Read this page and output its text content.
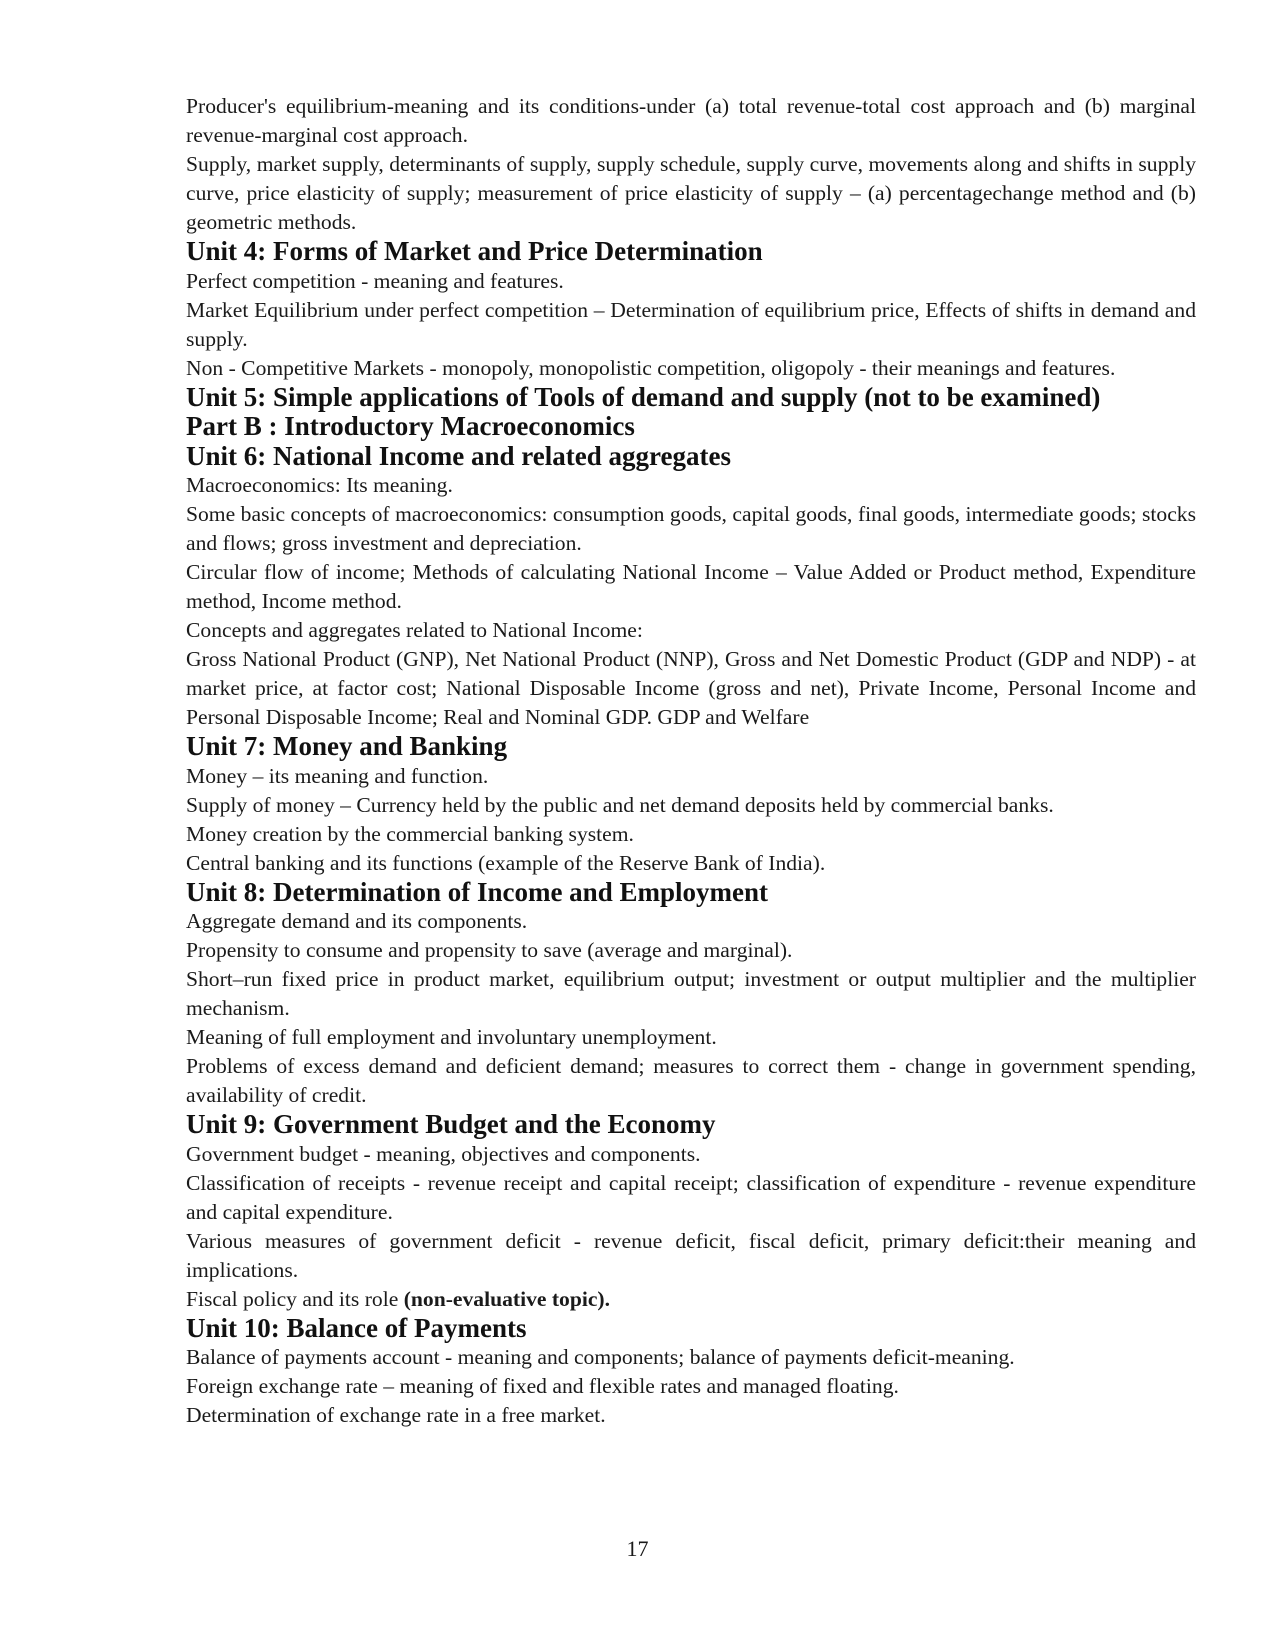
Producer's equilibrium-meaning and its conditions-under (a) total revenue-total cost approach and (b) marginal revenue-marginal cost approach.

Supply, market supply, determinants of supply, supply schedule, supply curve, movements along and shifts in supply curve, price elasticity of supply; measurement of price elasticity of supply – (a) percentagechange method and (b) geometric methods.

Unit 4: Forms of Market and Price Determination

Perfect competition - meaning and features.

Market Equilibrium under perfect competition – Determination of equilibrium price, Effects of shifts in demand and supply.

Non - Competitive Markets - monopoly, monopolistic competition, oligopoly - their meanings and features.

Unit 5: Simple applications of Tools of demand and supply (not to be examined)
Part B : Introductory Macroeconomics
Unit 6: National Income and related aggregates

Macroeconomics: Its meaning.

Some basic concepts of macroeconomics: consumption goods, capital goods, final goods, intermediate goods; stocks and flows; gross investment and depreciation.

Circular flow of income; Methods of calculating National Income – Value Added or Product method, Expenditure method, Income method.

Concepts and aggregates related to National Income:

Gross National Product (GNP), Net National Product (NNP), Gross and Net Domestic Product (GDP and NDP) - at market price, at factor cost; National Disposable Income (gross and net), Private Income, Personal Income and Personal Disposable Income; Real and Nominal GDP. GDP and Welfare

Unit 7: Money and Banking

Money – its meaning and function.

Supply of money – Currency held by the public and net demand deposits held by commercial banks.

Money creation by the commercial banking system.

Central banking and its functions (example of the Reserve Bank of India).

Unit 8: Determination of Income and Employment

Aggregate demand and its components.

Propensity to consume and propensity to save (average and marginal).

Short–run fixed price in product market, equilibrium output; investment or output multiplier and the multiplier mechanism.

Meaning of full employment and involuntary unemployment.

Problems of excess demand and deficient demand; measures to correct them - change in government spending, availability of credit.

Unit 9: Government Budget and the Economy

Government budget - meaning, objectives and components.

Classification of receipts - revenue receipt and capital receipt; classification of expenditure - revenue expenditure and capital expenditure.

Various measures of government deficit - revenue deficit, fiscal deficit, primary deficit:their meaning and implications.

Fiscal policy and its role (non-evaluative topic).

Unit 10: Balance of Payments

Balance of payments account - meaning and components; balance of payments deficit-meaning.

Foreign exchange rate – meaning of fixed and flexible rates and managed floating.

Determination of exchange rate in a free market.

17
